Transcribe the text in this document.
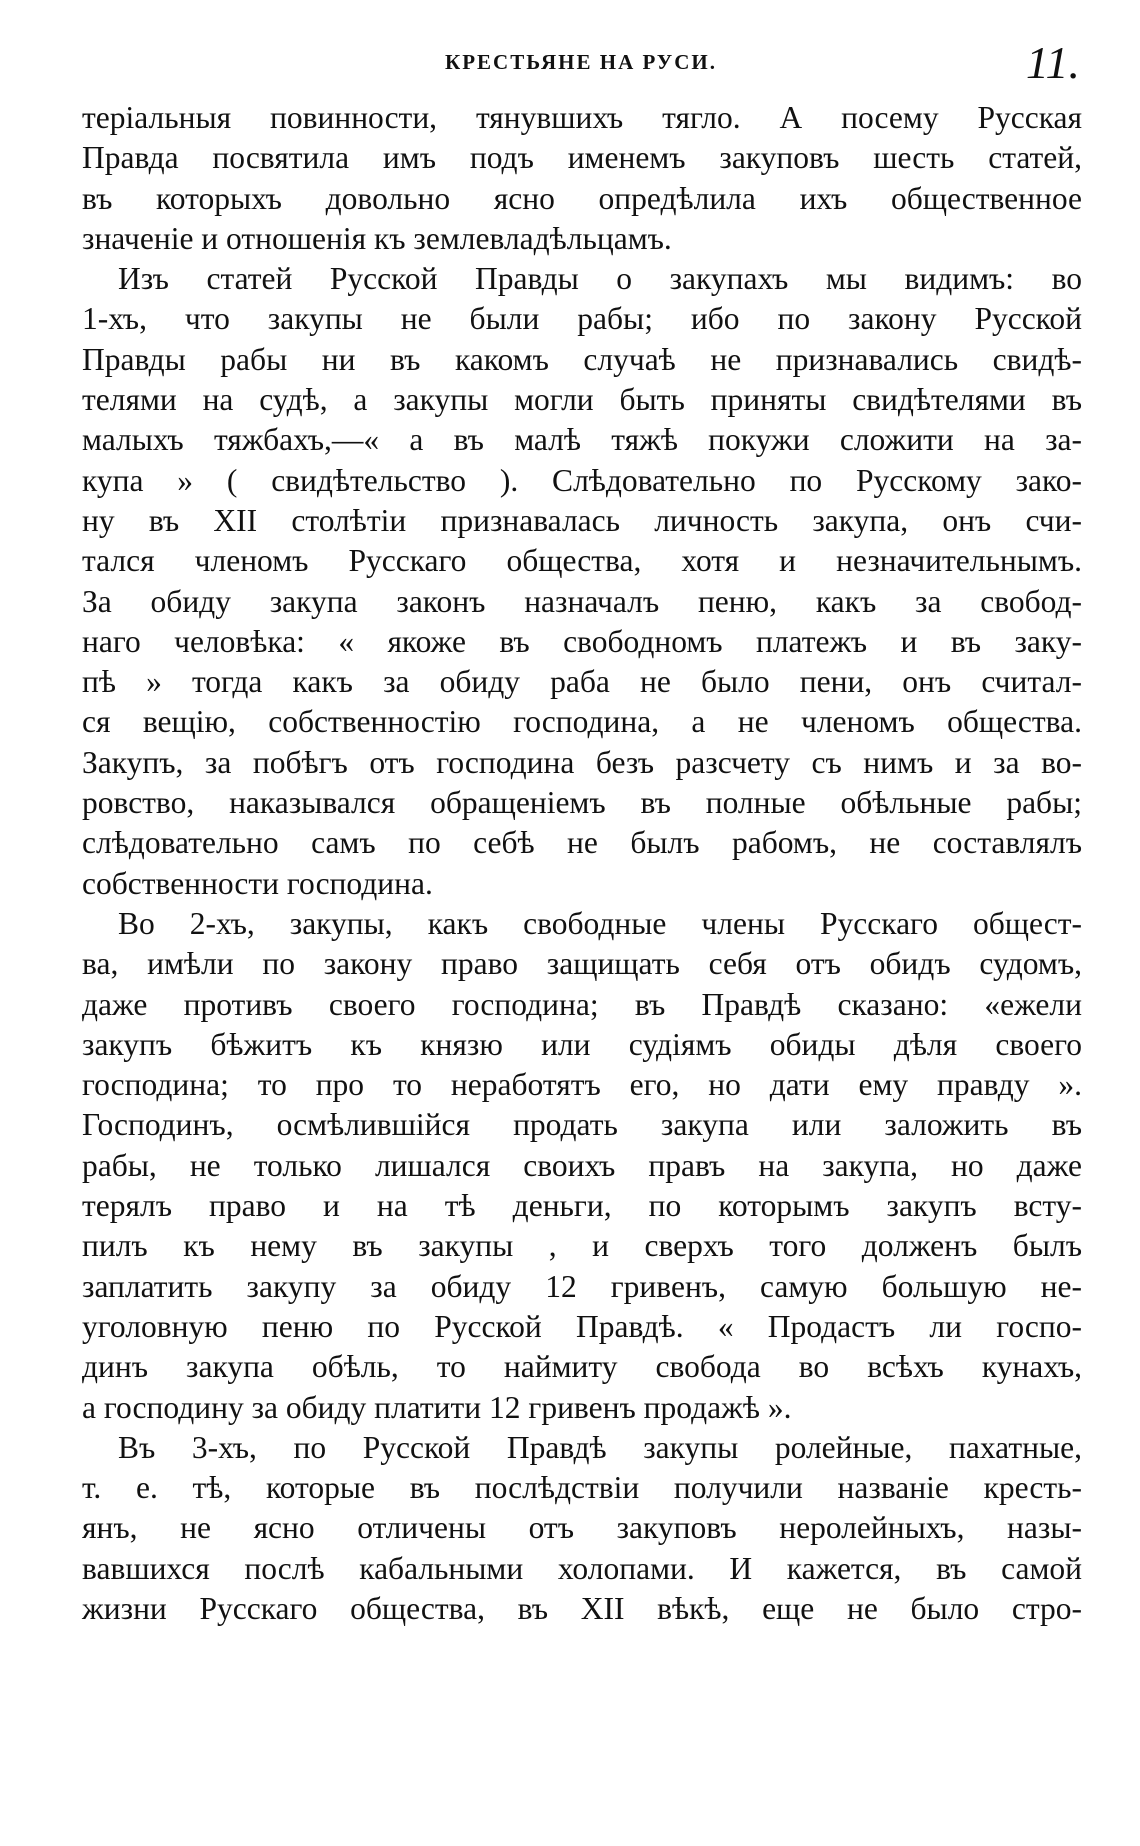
КРЕСТЬЯНЕ НА РУСИ.	11.
теріальныя повинности, тянувшихъ тягло. А посему Русская
Правда посвятила имъ подъ именемъ закуповъ шесть статей,
въ которыхъ довольно ясно опредѣлила ихъ общественное
значеніе и отношенія къ землевладѣльцамъ.
Изъ статей Русской Правды о закупахъ мы видимъ: во
1-хъ, что закупы не были рабы; ибо по закону Русской
Правды рабы ни въ какомъ случаѣ не признавались свидѣ-
телями на судѣ, а закупы могли быть приняты свидѣтелями въ
малыхъ тяжбахъ,—« а въ малѣ тяжѣ покужи сложити на за-
купа » ( свидѣтельство ). Слѣдовательно по Русскому зако-
ну въ XII столѣтіи признавалась личность закупа, онъ счи-
тался членомъ Русскаго общества, хотя и незначительнымъ.
За обиду закупа законъ назначалъ пеню, какъ за свобод-
наго человѣка: « якоже въ свободномъ платежъ и въ заку-
пѣ » тогда какъ за обиду раба не было пени, онъ считал-
ся вещію, собственностію господина, а не членомъ общества.
Закупъ, за побѣгъ отъ господина безъ разсчету съ нимъ и за во-
ровство, наказывался обращеніемъ въ полные обѣльные рабы;
слѣдовательно самъ по себѣ не былъ рабомъ, не составлялъ
собственности господина.
Во 2-хъ, закупы, какъ свободные члены Русскаго общест-
ва, имѣли по закону право защищать себя отъ обидъ судомъ,
даже противъ своего господина; въ Правдѣ сказано: «ежели
закупъ бѣжитъ къ князю или судіямъ обиды дѣля своего
господина; то про то неработятъ его, но дати ему правду ».
Господинъ, осмѣлившійся продать закупа или заложить въ
рабы, не только лишался своихъ правъ на закупа, но даже
терялъ право и на тѣ деньги, по которымъ закупъ всту-
пилъ къ нему въ закупы , и сверхъ того долженъ былъ
заплатить закупу за обиду 12 гривенъ, самую большую не-
уголовную пеню по Русской Правдѣ. « Продастъ ли госпо-
динъ закупа обѣль, то наймиту свобода во всѣхъ кунахъ,
а господину за обиду платити 12 гривенъ продажѣ ».
Въ 3-хъ, по Русской Правдѣ закупы ролейные, пахатные,
т. е. тѣ, которые въ послѣдствіи получили названіе кресть-
янъ, не ясно отличены отъ закуповъ неролейныхъ, назы-
вавшихся послѣ кабальными холопами. И кажется, въ самой
жизни Русскаго общества, въ XII вѣкѣ, еще не было стро-
